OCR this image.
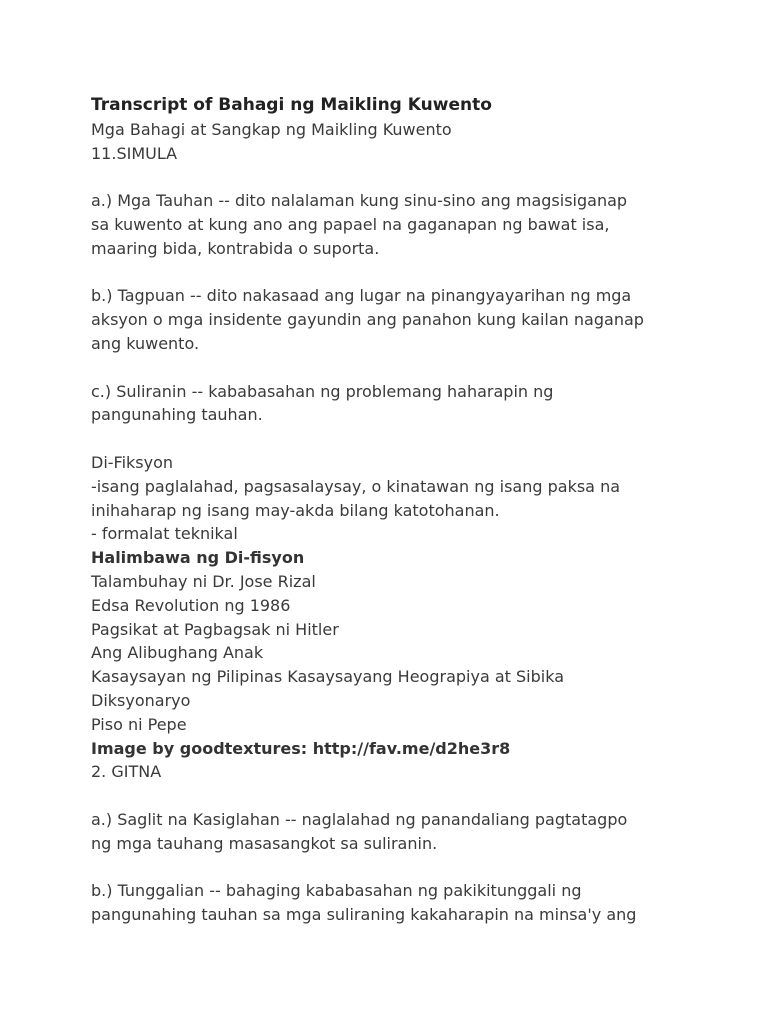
Transcript of Bahagi ng Maikling Kuwento

Mga Bahagi at Sangkap ng Maikling Kuwento

11.SIMULA

a.) Mga Tauhan -- dito nalalaman kung sinu-sino ang magsisiganap

sa kuwento at kung ano ang papael na gaganapan ng bawat isa,

maaring bida, kontrabida o suporta.

b.) Tagpuan -- dito nakasaad ang lugar na pinangyayarihan ng mga

aksyon o mga insidente gayundin ang panahon kung kailan naganap

ang kuwento.

c.) Suliranin -- kababasahan ng problemang haharapin ng

pangunahing tauhan.

Di-Fiksyon

-isang paglalahad, pagsasalaysay, o kinatawan ng isang paksa na

inihaharap ng isang may-akda bilang katotohanan.

- formalat teknikal

Halimbawa ng Di-fisyon

Talambuhay ni Dr. Jose Rizal

Edsa Revolution ng 1986

Pagsikat at Pagbagsak ni Hitler

Ang Alibughang Anak

Kasaysayan ng Pilipinas Kasaysayang Heograpiya at Sibika

Diksyonaryo

Piso ni Pepe

Image by goodtextures: http://fav.me/d2he3r8

2. GITNA

a.) Saglit na Kasiglahan -- naglalahad ng panandaliang pagtatagpo

ng mga tauhang masasangkot sa suliranin.

b.) Tunggalian -- bahaging kababasahan ng pakikitunggali ng

pangunahing tauhan sa mga suliraning kakaharapin na minsa'y ang
